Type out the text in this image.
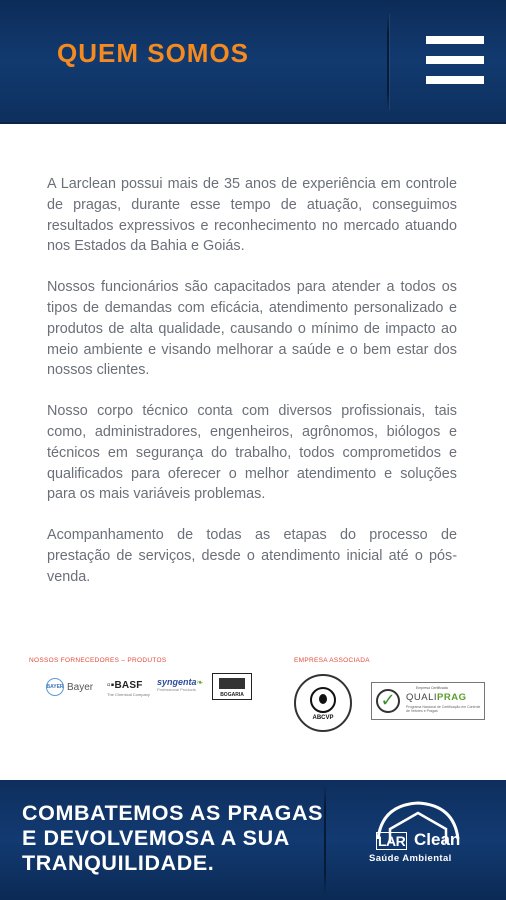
QUEM SOMOS

A Larclean possui mais de 35 anos de experiência em controle de pragas, durante esse tempo de atuação, conseguimos resultados expressivos e reconhecimento no mercado atuando nos Estados da Bahia e Goiás.

Nossos funcionários são capacitados para atender a todos os tipos de demandas com eficácia, atendimento personalizado e produtos de alta qualidade, causando o mínimo de impacto ao meio ambiente e visando melhorar a saúde e o bem estar dos nossos clientes.

Nosso corpo técnico conta com diversos profissionais, tais como, administradores, engenheiros, agrônomos, biólogos e técnicos em segurança do trabalho, todos comprometidos e qualificados para oferecer o melhor atendimento e soluções para os mais variáveis problemas.

Acompanhamento de todas as etapas do processo de prestação de serviços, desde o atendimento inicial até o pós-venda.

NOSSOS FORNECEDORES – PRODUTOS	EMPRESA ASSOCIADA
BAYER Bayer ▫▪BASF
The Chemical Company
syngenta❧
Professional Products
BOGARIA
ABCVP
✓
Empresa Certificada
QUALIPRAG
Programa Nacional de Certificação em Controle de Vetores e Pragas
COMBATEMOS AS PRAGAS
E DEVOLVEMOSA A SUA
TRANQUILIDADE.
LAR Clean
Saúde Ambiental
